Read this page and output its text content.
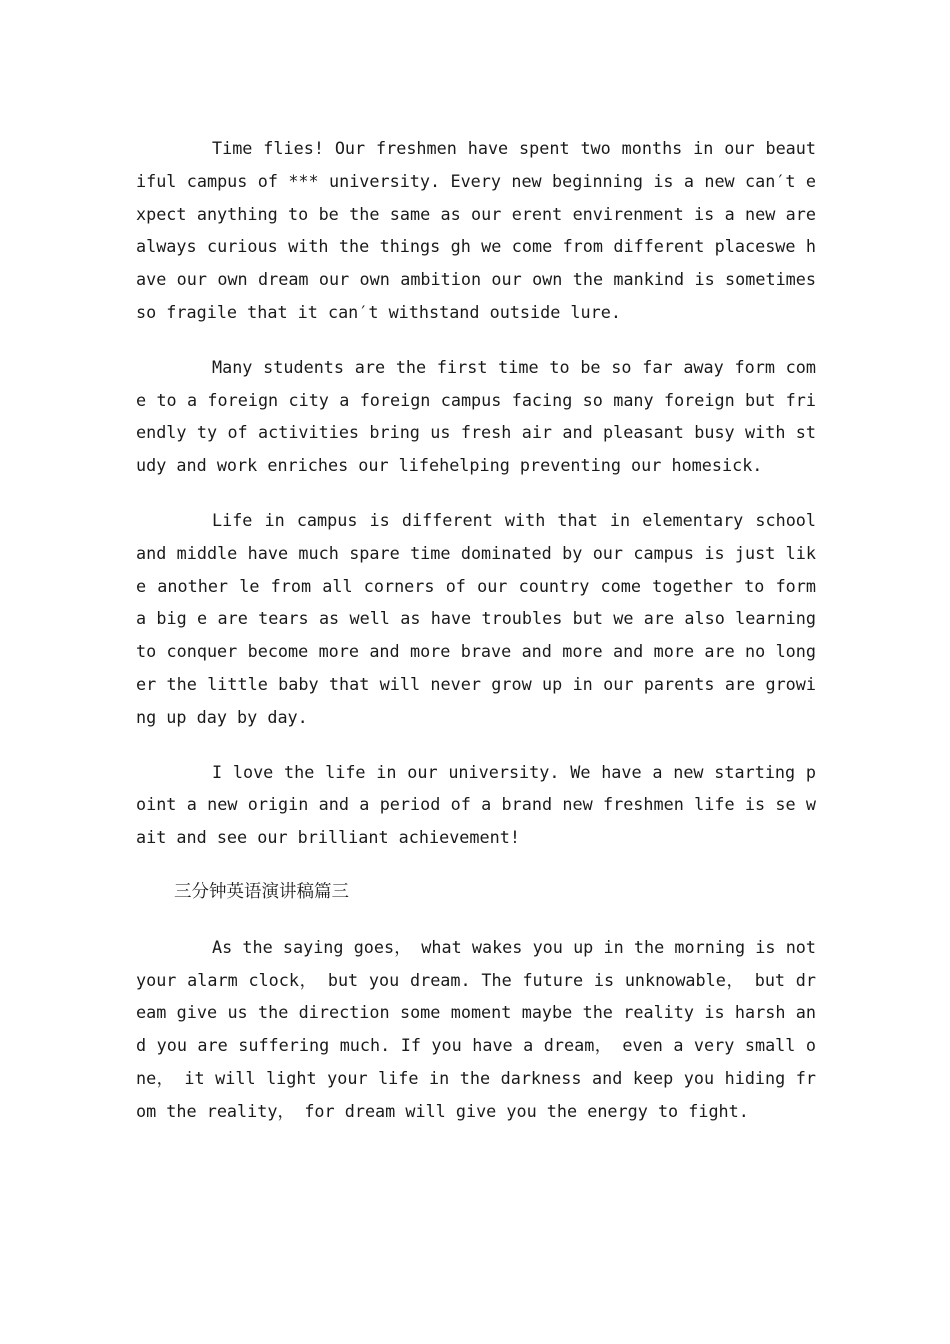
Time flies! Our freshmen have spent two months in our beautiful campus of *** university. Every new beginning is a new can′t expect anything to be the same as our erent envirenment is a new are always curious with the things gh we come from different placeswe have our own dream our own ambition our own the mankind is sometimes so fragile that it can′t withstand outside lure.

Many students are the first time to be so far away form come to a foreign city a foreign campus facing so many foreign but friendly ty of activities bring us fresh air and pleasant busy with study and work enriches our lifehelping preventing our homesick.

Life in campus is different with that in elementary school and middle have much spare time dominated by our campus is just like another le from all corners of our country come together to form a big e are tears as well as have troubles but we are also learning to conquer become more and more brave and more and more are no longer the little baby that will never grow up in our parents are growing up day by day.

I love the life in our university. We have a new starting point a new origin and a period of a brand new freshmen life is se wait and see our brilliant achievement!

三分钟英语演讲稿篇三

As the saying goes， what wakes you up in the morning is not your alarm clock， but you dream. The future is unknowable， but dream give us the direction some moment maybe the reality is harsh and you are suffering much. If you have a dream， even a very small one， it will light your life in the darkness and keep you hiding from the reality， for dream will give you the energy to fight.
